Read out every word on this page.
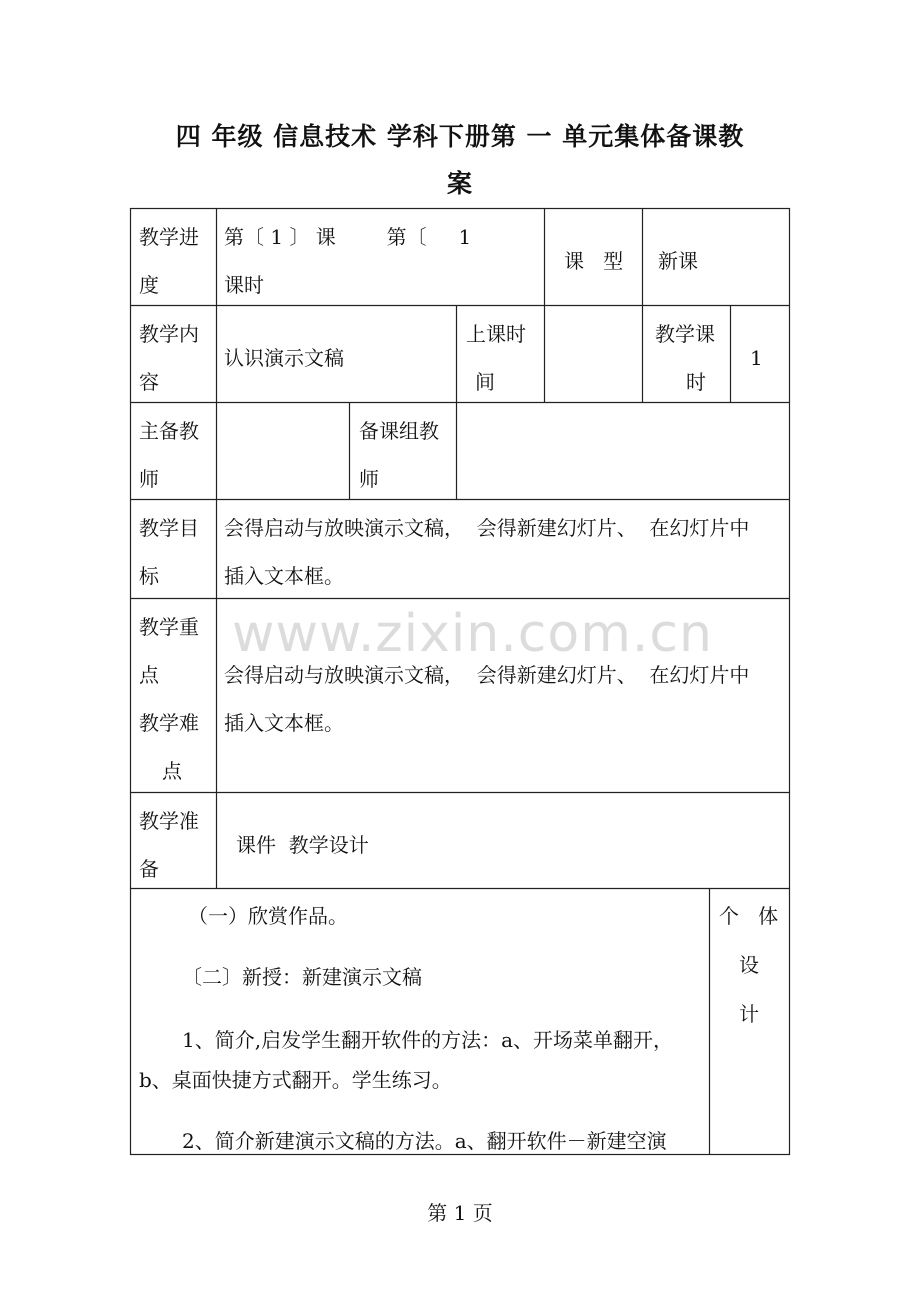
四 年级 信息技术 学科下册第 一 单元集体备课教
案
www.zixin.com.cn
教学进
度
第〔 1 〕 课        第〔     1
课时
课   型 新课
教学内
容
认识演示文稿
上课时
间
教学课
时
1
主备教
师
备课组教
师
教学目
标
会得启动与放映演示文稿，  会得新建幻灯片、  在幻灯片中
插入文本框。
教学重
点
教学难
点
会得启动与放映演示文稿，  会得新建幻灯片、  在幻灯片中
插入文本框。
教学准
备
课件  教学设计
（一）欣赏作品。
〔二〕新授：新建演示文稿
1、简介,启发学生翻开软件的方法：a、开场菜单翻开，
b、桌面快捷方式翻开。学生练习。
2、简介新建演示文稿的方法。a、翻开软件－新建空演
个   体
设
计
第 1 页
